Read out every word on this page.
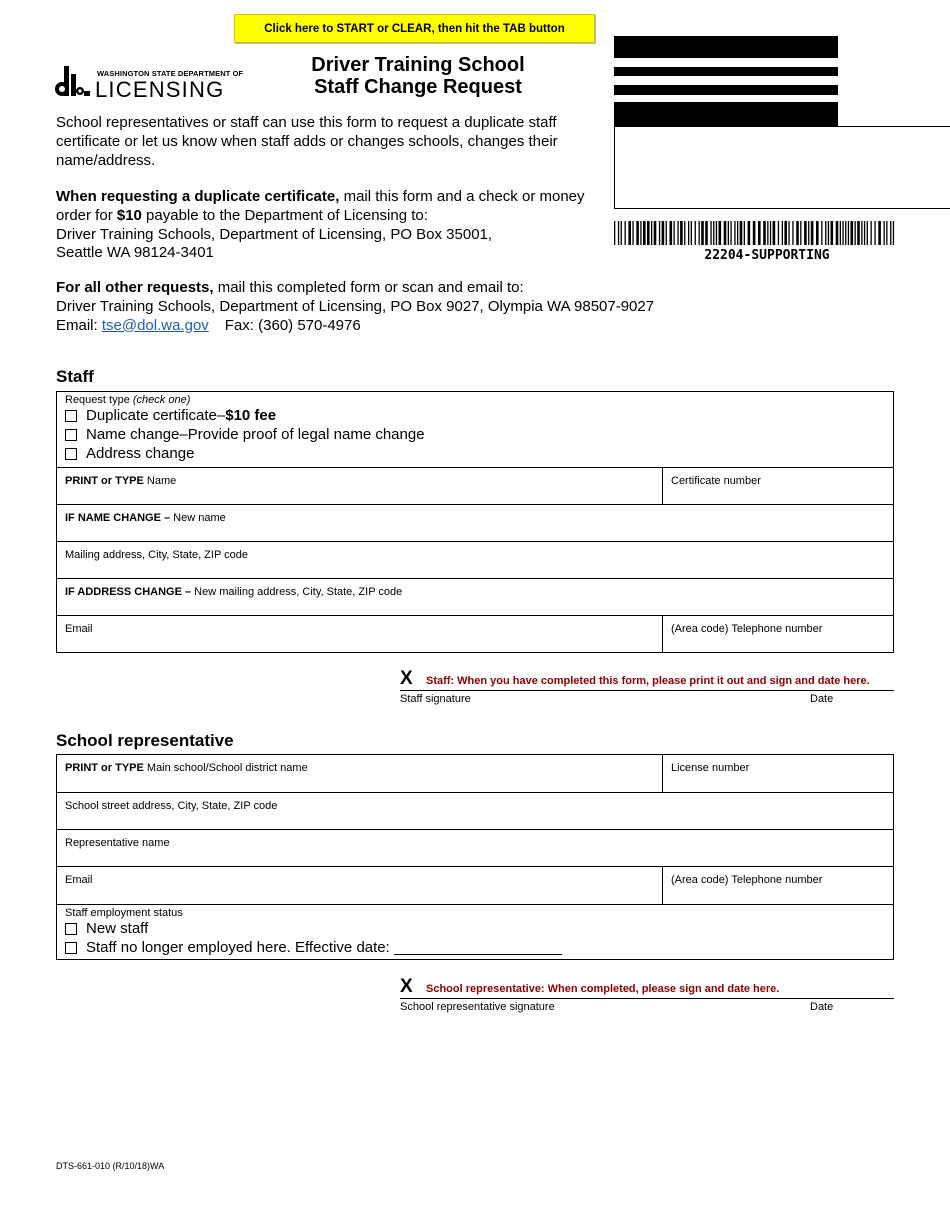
Click here to START or CLEAR, then hit the TAB button
WASHINGTON STATE DEPARTMENT OF
LICENSING
Driver Training School
Staff Change Request
22204-SUPPORTING
School representatives or staff can use this form to request a duplicate staff certificate or let us know when staff adds or changes schools, changes their name/address.
When requesting a duplicate certificate, mail this form and a check or money order for $10 payable to the Department of Licensing to:
Driver Training Schools, Department of Licensing, PO Box 35001,
Seattle WA 98124-3401
For all other requests, mail this completed form or scan and email to:
Driver Training Schools, Department of Licensing, PO Box 9027, Olympia WA 98507-9027
Email: tse@dol.wa.gov Fax: (360) 570-4976
Staff
Request type (check one)
Duplicate certificate– $10 fee
Name change–Provide proof of legal name change
Address change
PRINT or TYPE Name	Certificate number
IF NAME CHANGE – New name
Mailing address, City, State, ZIP code
IF ADDRESS CHANGE – New mailing address, City, State, ZIP code
Email	(Area code) Telephone number
X Staff: When you have completed this form, please print it out and sign and date here.
Staff signature	Date
School representative
PRINT or TYPE Main school/School district name	License number
School street address, City, State, ZIP code
Representative name
Email	(Area code) Telephone number
Staff employment status
New staff
Staff no longer employed here. Effective date:
X School representative: When completed, please sign and date here.
School representative signature	Date
DTS-661-010 (R/10/18)WA
